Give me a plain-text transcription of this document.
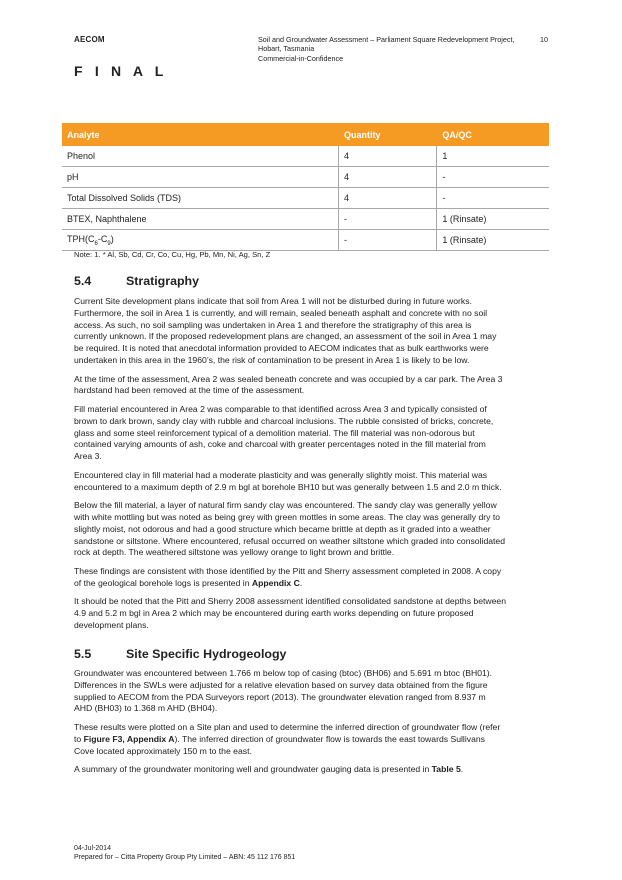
AECOM	Soil and Groundwater Assessment – Parliament Square Redevelopment Project,
Hobart, Tasmania
Commercial-in-Confidence
10
F I N A L
Analyte	Quantity	QA/QC
Phenol	4	1
pH	4	-
Total Dissolved Solids (TDS)	4	-
BTEX, Naphthalene	-	1 (Rinsate)
$TPH(C_6-C_9)$	-	1 (Rinsate)
Note: 1. * Al, Sb, Cd, Cr, Co, Cu, Hg, Pb, Mn, Ni, Ag, Sn, Z
5.4	Stratigraphy

Current Site development plans indicate that soil from Area 1 will not be disturbed during in future works.
Furthermore, the soil in Area 1 is currently, and will remain, sealed beneath asphalt and concrete with no soil
access. As such, no soil sampling was undertaken in Area 1 and therefore the stratigraphy of this area is
currently unknown. If the proposed redevelopment plans are changed, an assessment of the soil in Area 1 may
be required. It is noted that anecdotal information provided to AECOM indicates that as bulk earthworks were
undertaken in this area in the 1960’s, the risk of contamination to be present in Area 1 is likely to be low.

At the time of the assessment, Area 2 was sealed beneath concrete and was occupied by a car park. The Area 3
hardstand had been removed at the time of the assessment.

Fill material encountered in Area 2 was comparable to that identified across Area 3 and typically consisted of
brown to dark brown, sandy clay with rubble and charcoal inclusions. The rubble consisted of bricks, concrete,
glass and some steel reinforcement typical of a demolition material. The fill material was non-odorous but
contained varying amounts of ash, coke and charcoal with greater percentages noted in the fill material from
Area 3.

Encountered clay in fill material had a moderate plasticity and was generally slightly moist. This material was
encountered to a maximum depth of 2.9 m bgl at borehole BH10 but was generally between 1.5 and 2.0 m thick.

Below the fill material, a layer of natural firm sandy clay was encountered. The sandy clay was generally yellow
with white mottling but was noted as being grey with green mottles in some areas. The clay was generally dry to
slightly moist, not odorous and had a good structure which became brittle at depth as it graded into a weather
sandstone or siltstone. Where encountered, refusal occurred on weather siltstone which graded into consolidated
rock at depth. The weathered siltstone was yellowy orange to light brown and brittle.

These findings are consistent with those identified by the Pitt and Sherry assessment completed in 2008. A copy
of the geological borehole logs is presented in Appendix C.

It should be noted that the Pitt and Sherry 2008 assessment identified consolidated sandstone at depths between
4.9 and 5.2 m bgl in Area 2 which may be encountered during earth works depending on future proposed
development plans.

5.5	Site Specific Hydrogeology

Groundwater was encountered between 1.766 m below top of casing (btoc) (BH06) and 5.691 m btoc (BH01).
Differences in the SWLs were adjusted for a relative elevation based on survey data obtained from the figure
supplied to AECOM from the PDA Surveyors report (2013). The groundwater elevation ranged from 8.937 m
AHD (BH03) to 1.368 m AHD (BH04).

These results were plotted on a Site plan and used to determine the inferred direction of groundwater flow (refer
to Figure F3, Appendix A). The inferred direction of groundwater flow is towards the east towards Sullivans
Cove located approximately 150 m to the east.

A summary of the groundwater monitoring well and groundwater gauging data is presented in Table 5.

04-Jul-2014
Prepared for – Citta Property Group Pty Limited – ABN: 45 112 176 851
